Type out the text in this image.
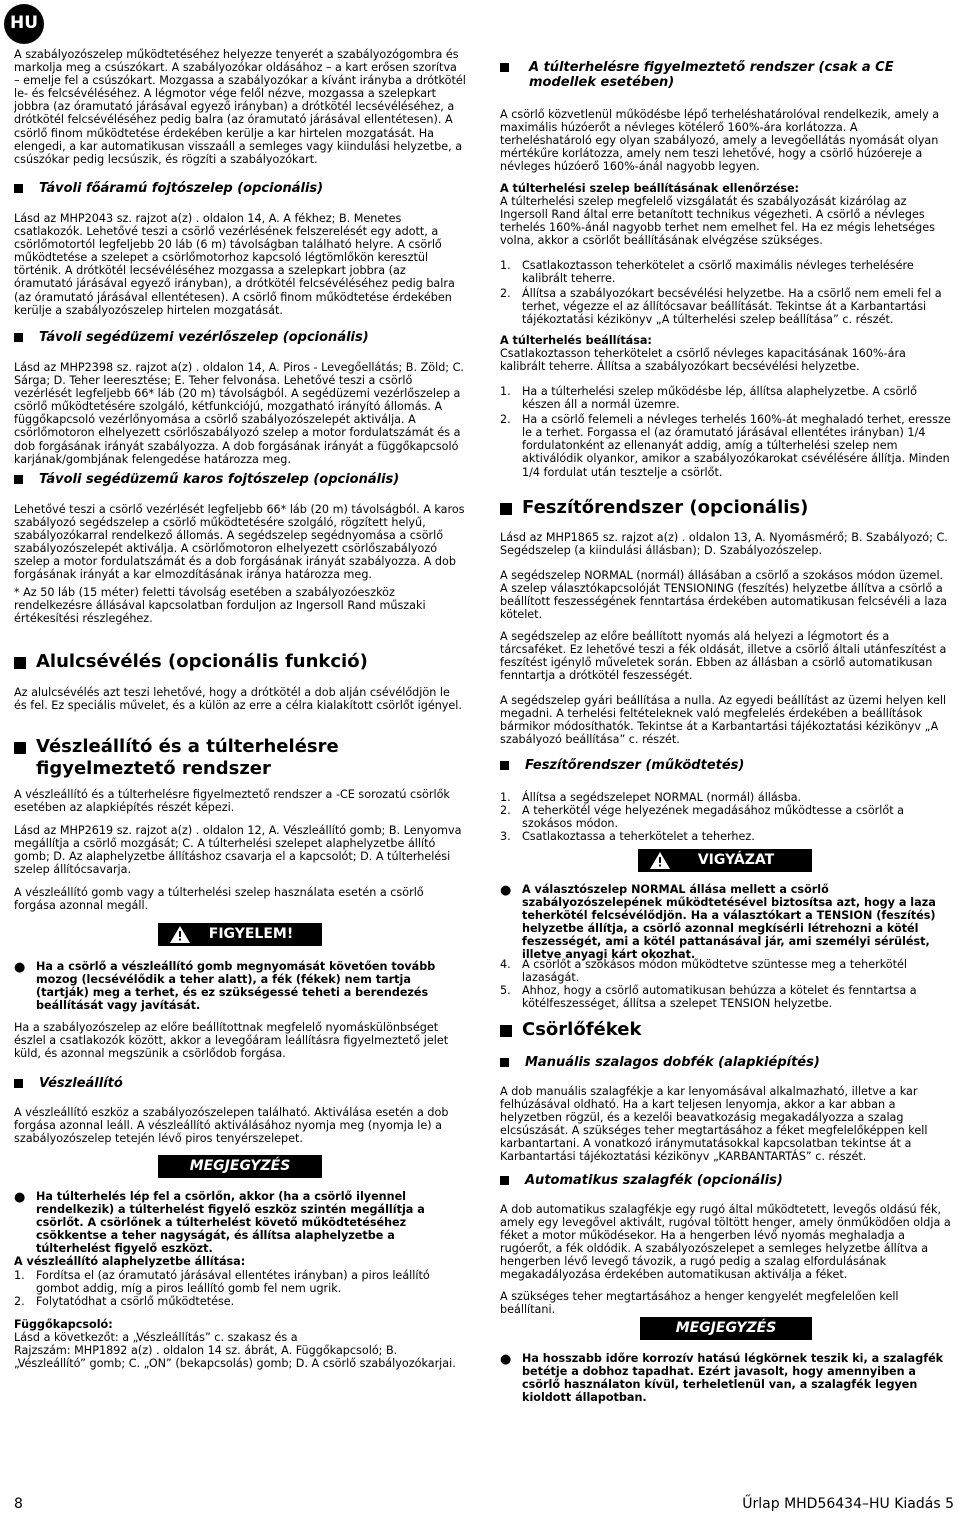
HU

A szabályozószelep működtetéséhez helyezze tenyerét a szabályozógombra és markolja meg a csúszókart. A szabályozókar oldásához – a kart erősen szorítva – emelje fel a csúszókart. Mozgassa a szabályozókar a kívánt irányba a drótkötél le- és felcsévéléséhez. A légmotor vége felől nézve, mozgassa a szelepkart jobbra (az óramutató járásával egyező irányban) a drótkötél lecsévéléséhez, a drótkötél felcsévéléséhez pedig balra (az óramutató járásával ellentétesen). A csörlő finom működtetése érdekében kerülje a kar hirtelen mozgatását. Ha elengedi, a kar automatikusan visszaáll a semleges vagy kiindulási helyzetbe, a csúszókar pedig lecsúszik, és rögzíti a szabályozókart.

Távoli főáramú fojtószelep (opcionális)

Lásd az MHP2043 sz. rajzot a(z) . oldalon 14, A. A fékhez; B. Menetes csatlakozók. Lehetővé teszi a csörlő vezérlésének felszerelését egy adott, a csörlőmotortól legfeljebb 20 láb (6 m) távolságban található helyre. A csörlő működtetése a szelepet a csörlőmotorhoz kapcsoló légtömlőkön keresztül történik. A drótkötél lecsévéléséhez mozgassa a szelepkart jobbra (az óramutató járásával egyező irányban), a drótkötél felcsévéléséhez pedig balra (az óramutató járásával ellentétesen). A csörlő finom működtetése érdekében kerülje a szabályozószelep hirtelen mozgatását.

Távoli segédüzemi vezérlőszelep (opcionális)

Lásd az MHP2398 sz. rajzot a(z) . oldalon 14, A. Piros - Levegőellátás; B. Zöld; C. Sárga; D. Teher leeresztése; E. Teher felvonása. Lehetővé teszi a csörlő vezérlését legfeljebb 66* láb (20 m) távolságból. A segédüzemi vezérlőszelep a csörlő működtetésére szolgáló, kétfunkciójú, mozgatható irányító állomás. A függőkapcsoló vezérlőnyomása a csörlő szabályozószelepét aktiválja. A csörlőmotoron elhelyezett csörlőszabályozó szelep a motor fordulatszámát és a dob forgásának irányát szabályozza. A dob forgásának irányát a függőkapcsoló karjának/gombjának felengedése határozza meg.

Távoli segédüzemű karos fojtószelep (opcionális)

Lehetővé teszi a csörlő vezérlését legfeljebb 66* láb (20 m) távolságból. A karos szabályozó segédszelep a csörlő működtetésére szolgáló, rögzített helyű, szabályozókarral rendelkező állomás. A segédszelep segédnyomása a csörlő szabályozószelepét aktiválja. A csörlőmotoron elhelyezett csörlőszabályozó szelep a motor fordulatszámát és a dob forgásának irányát szabályozza. A dob forgásának irányát a kar elmozdításának iránya határozza meg.

* Az 50 láb (15 méter) feletti távolság esetében a szabályozóeszköz rendelkezésre állásával kapcsolatban forduljon az Ingersoll Rand műszaki értékesítési részlegéhez.

Alulcsévélés (opcionális funkció)

Az alulcsévélés azt teszi lehetővé, hogy a drótkötél a dob alján csévélődjön le és fel. Ez speciális művelet, és a külön az erre a célra kialakított csörlőt igényel.

Vészleállító és a túlterhelésre figyelmeztető rendszer

A vészleállító és a túlterhelésre figyelmeztető rendszer a -CE sorozatú csörlők esetében az alapkiépítés részét képezi.

Lásd az MHP2619 sz. rajzot a(z) . oldalon 12, A. Vészleállító gomb; B. Lenyomva megállítja a csörlő mozgását; C. A túlterhelési szelepet alaphelyzetbe állító gomb; D. Az alaphelyzetbe állításhoz csavarja el a kapcsolót; D. A túlterhelési szelep állítócsavarja.

A vészleállító gomb vagy a túlterhelési szelep használata esetén a csörlő forgása azonnal megáll.

FIGYELEM!
● Ha a csörlő a vészleállító gomb megnyomását követően tovább mozog (lecsévélődik a teher alatt), a fék (fékek) nem tartja (tartják) meg a terhet, és ez szükségessé teheti a berendezés beállítását vagy javítását.

Ha a szabályozószelep az előre beállítottnak megfelelő nyomáskülönbséget észlel a csatlakozók között, akkor a levegőáram leállításra figyelmeztető jelet küld, és azonnal megszünik a csörlődob forgása.

Vészleállító

A vészleállító eszköz a szabályozószelepen található. Aktiválása esetén a dob forgása azonnal leáll. A vészleállító aktiválásához nyomja meg (nyomja le) a szabályozószelep tetején lévő piros tenyérszelepet.

MEGJEGYZÉS
● Ha túlterhelés lép fel a csörlőn, akkor (ha a csörlő ilyennel rendelkezik) a túlterhelést figyelő eszköz szintén megállítja a csörlőt. A csörlőnek a túlterhelést követő működtetéséhez csökkentse a teher nagyságát, és állítsa alaphelyzetbe a túlterhelést figyelő eszközt.

A vészleállító alaphelyzetbe állítása:

1.	Fordítsa el (az óramutató járásával ellentétes irányban) a piros leállító gombot addig, míg a piros leállító gomb fel nem ugrik.
2.	Folytatódhat a csörlő működtetése.

Függőkapcsoló:

Lásd a következőt: a „Vészleállítás” c. szakasz és a

Rajzszám: MHP1892 a(z) . oldalon 14 sz. ábrát, A. Függőkapcsoló; B. „Vészleállító” gomb; C. „ON” (bekapcsolás) gomb; D. A csörlő szabályozókarjai.

A túlterhelésre figyelmeztető rendszer (csak a CE modellek esetében)

A csörlő közvetlenül működésbe lépő terheléshatárolóval rendelkezik, amely a maximális húzóerőt a névleges kötélerő 160%-ára korlátozza. A terheléshatároló egy olyan szabályozó, amely a levegőellátás nyomását olyan mértékűre korlátozza, amely nem teszi lehetővé, hogy a csörlő húzóereje a névleges húzóerő 160%-ánál nagyobb legyen.

A túlterhelési szelep beállításának ellenőrzése:

A túlterhelési szelep megfelelő vizsgálatát és szabályozását kizárólag az Ingersoll Rand által erre betanított technikus végezheti. A csörlő a névleges terhelés 160%-ánál nagyobb terhet nem emelhet fel. Ha ez mégis lehetséges volna, akkor a csörlőt beállításának elvégzése szükséges.

1.	Csatlakoztasson teherkötelet a csörlő maximális névleges terhelésére kalibrált teherre.
2.	Állítsa a szabályozókart becsévélési helyzetbe. Ha a csörlő nem emeli fel a terhet, végezze el az állítócsavar beállítását. Tekintse át a Karbantartási tájékoztatási kézikönyv „A túlterhelési szelep beállítása” c. részét.

A túlterhelés beállítása:

Csatlakoztasson teherkötelet a csörlő névleges kapacitásának 160%-ára kalibrált teherre. Állítsa a szabályozókart becsévélési helyzetbe.

1.	Ha a túlterhelési szelep működésbe lép, állítsa alaphelyzetbe. A csörlő készen áll a normál üzemre.
2.	Ha a csörlő felemeli a névleges terhelés 160%-át meghaladó terhet, eressze le a terhet. Forgassa el (az óramutató járásával ellentétes irányban) 1/4 fordulatonként az ellenanyát addig, amíg a túlterhelési szelep nem aktiválódik olyankor, amikor a szabályozókarokat csévélésére állítja. Minden 1/4 fordulat után tesztelje a csörlőt.
Feszítőrendszer (opcionális)

Lásd az MHP1865 sz. rajzot a(z) . oldalon 13, A. Nyomásmérő; B. Szabályozó; C. Segédszelep (a kiindulási állásban); D. Szabályozószelep.

A segédszelep NORMAL (normál) állásában a csörlő a szokásos módon üzemel. A szelep választókapcsolóját TENSIONING (feszítés) helyzetbe állítva a csörlő a beállított feszességének fenntartása érdekében automatikusan felcsévéli a laza kötelet.

A segédszelep az előre beállított nyomás alá helyezi a légmotort és a tárcsaféket. Ez lehetővé teszi a fék oldását, illetve a csörlő általi utánfeszítést a feszítést igénylő műveletek során. Ebben az állásban a csörlő automatikusan fenntartja a drótkötél feszességét.

A segédszelep gyári beállítása a nulla. Az egyedi beállítást az üzemi helyen kell megadni. A terhelési feltételeknek való megfelelés érdekében a beállítások bármikor módosíthatók. Tekintse át a Karbantartási tájékoztatási kézikönyv „A szabályozó beállítása” c. részét.

Feszítőrendszer (működtetés)
1.	Állítsa a segédszelepet NORMAL (normál) állásba.
2.	A teherkötél vége helyezének megadásához működtesse a csörlőt a szokásos módon.
3.	Csatlakoztassa a teherkötelet a teherhez.
VIGYÁZAT
● A választószelep NORMAL állása mellett a csörlő szabályozószelepének működtetésével biztosítsa azt, hogy a laza teherkötél felcsévélődjön. Ha a választókart a TENSION (feszítés) helyzetbe állítja, a csörlő azonnal megkísérli létrehozni a kötél feszességét, ami a kötél pattanásával jár, ami személyi sérülést, illetve anyagi kárt okozhat.
4.	A csörlőt a szokásos módon működtetve szüntesse meg a teherkötél lazaságát.
5.	Ahhoz, hogy a csörlő automatikusan behúzza a kötelet és fenntartsa a kötélfeszességet, állítsa a szelepet TENSION helyzetbe.
Csörlőfékek
Manuális szalagos dobfék (alapkiépítés)

A dob manuális szalagfékje a kar lenyomásával alkalmazható, illetve a kar felhúzásával oldható. Ha a kart teljesen lenyomja, akkor a kar abban a helyzetben rögzül, és a kezelői beavatkozásig megakadályozza a szalag elcsúszását. A szükséges teher megtartásához a féket megfelelőképpen kell karbantartani. A vonatkozó iránymutatásokkal kapcsolatban tekintse át a Karbantartási tájékoztatási kézikönyv „KARBANTARTÁS” c. részét.

Automatikus szalagfék (opcionális)

A dob automatikus szalagfékje egy rugó által működtetett, levegős oldású fék, amely egy levegővel aktivált, rugóval töltött henger, amely önműködően oldja a féket a motor működésekor. Ha a hengerben lévő nyomás meghaladja a rugóerőt, a fék oldódik. A szabályozószelepet a semleges helyzetbe állítva a hengerben lévő levegő távozik, a rugó pedig a szalag elfordulásának megakadályozása érdekében automatikusan aktiválja a féket.

A szükséges teher megtartásához a henger kengyelét megfelelően kell beállítani.

MEGJEGYZÉS
● Ha hosszabb időre korrozív hatású légkörnek teszik ki, a szalagfék betétje a dobhoz tapadhat. Ezért javasolt, hogy amennyiben a csörlő használaton kívül, terheletlenül van, a szalagfék legyen kioldott állapotban.
8	Űrlap MHD56434–HU Kiadás 5
